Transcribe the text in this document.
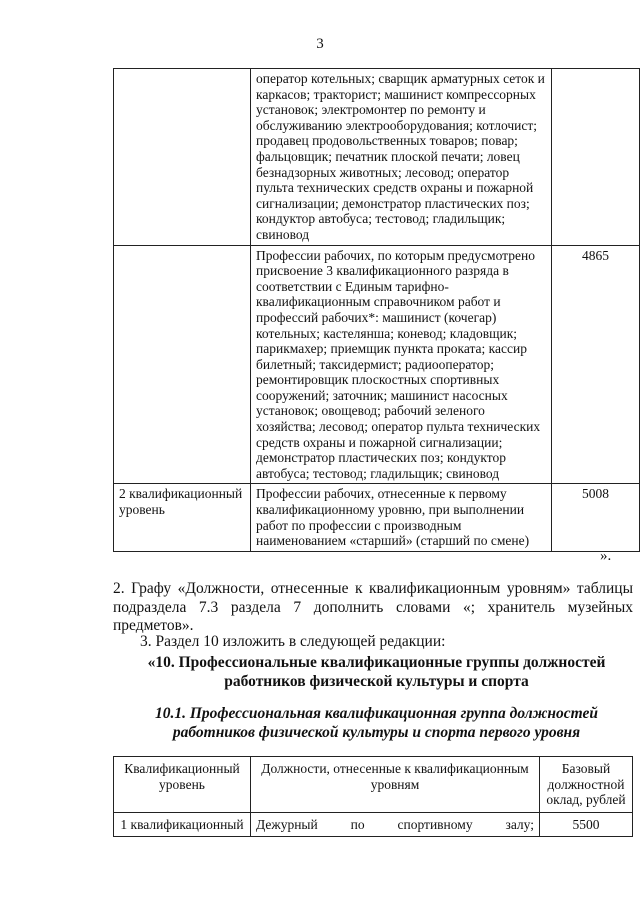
3
	оператор котельных; сварщик арматурных сеток и каркасов; тракторист; машинист компрессорных установок; электромонтер по ремонту и обслуживанию электрооборудования; котлочист; продавец продовольственных товаров; повар; фальцовщик; печатник плоской печати; ловец безнадзорных животных; лесовод; оператор пульта технических средств охраны и пожарной сигнализации; демонстратор пластических поз; кондуктор автобуса; тестовод; гладильщик; свиновод	
	Профессии рабочих, по которым предусмотрено присвоение 3 квалификационного разряда в соответствии с Единым тарифно-квалификационным справочником работ и профессий рабочих*: машинист (кочегар) котельных; кастелянша; коневод; кладовщик; парикмахер; приемщик пункта проката; кассир билетный; таксидермист; радиооператор; ремонтировщик плоскостных спортивных сооружений; заточник; машинист насосных установок; овощевод; рабочий зеленого хозяйства; лесовод; оператор пульта технических средств охраны и пожарной сигнализации; демонстратор пластических поз; кондуктор автобуса; тестовод; гладильщик; свиновод	4865
2 квалификационный уровень	Профессии рабочих, отнесенные к первому квалификационному уровню, при выполнении работ по профессии с производным наименованием «старший» (старший по смене)	5008
».
2. Графу «Должности, отнесенные к квалификационным уровням» таблицы подраздела 7.3 раздела 7 дополнить словами «; хранитель музейных предметов».
3. Раздел 10 изложить в следующей редакции:
«10. Профессиональные квалификационные группы должностей работников физической культуры и спорта
10.1. Профессиональная квалификационная группа должностей работников физической культуры и спорта первого уровня
Квалификационный уровень	Должности, отнесенные к квалификационным уровням	Базовый должностной оклад, рублей
1 квалификационный	Дежурный по спортивному залу;	5500
